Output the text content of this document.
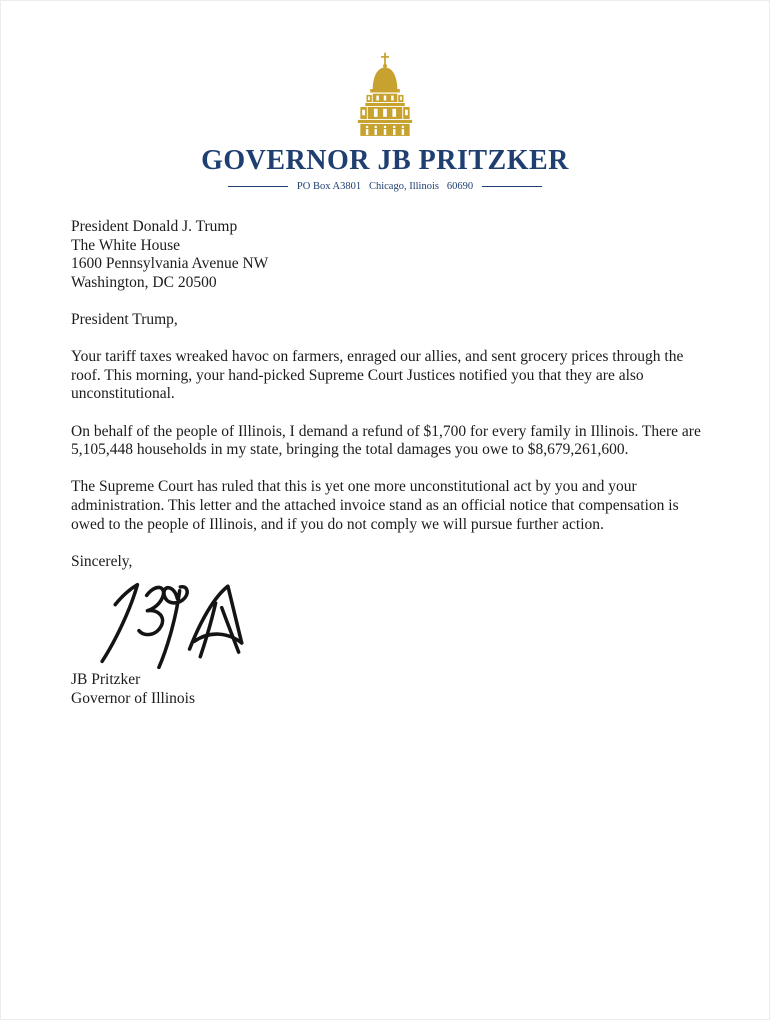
GOVERNOR JB PRITZKER
PO Box A3801   Chicago, Illinois   60690
President Donald J. Trump
The White House
1600 Pennsylvania Avenue NW
Washington, DC 20500
President Trump,
Your tariff taxes wreaked havoc on farmers, enraged our allies, and sent grocery prices through the roof. This morning, your hand-picked Supreme Court Justices notified you that they are also unconstitutional.
On behalf of the people of Illinois, I demand a refund of $1,700 for every family in Illinois. There are 5,105,448 households in my state, bringing the total damages you owe to $8,679,261,600.
The Supreme Court has ruled that this is yet one more unconstitutional act by you and your administration. This letter and the attached invoice stand as an official notice that compensation is owed to the people of Illinois, and if you do not comply we will pursue further action.
Sincerely,
JB Pritzker
Governor of Illinois
